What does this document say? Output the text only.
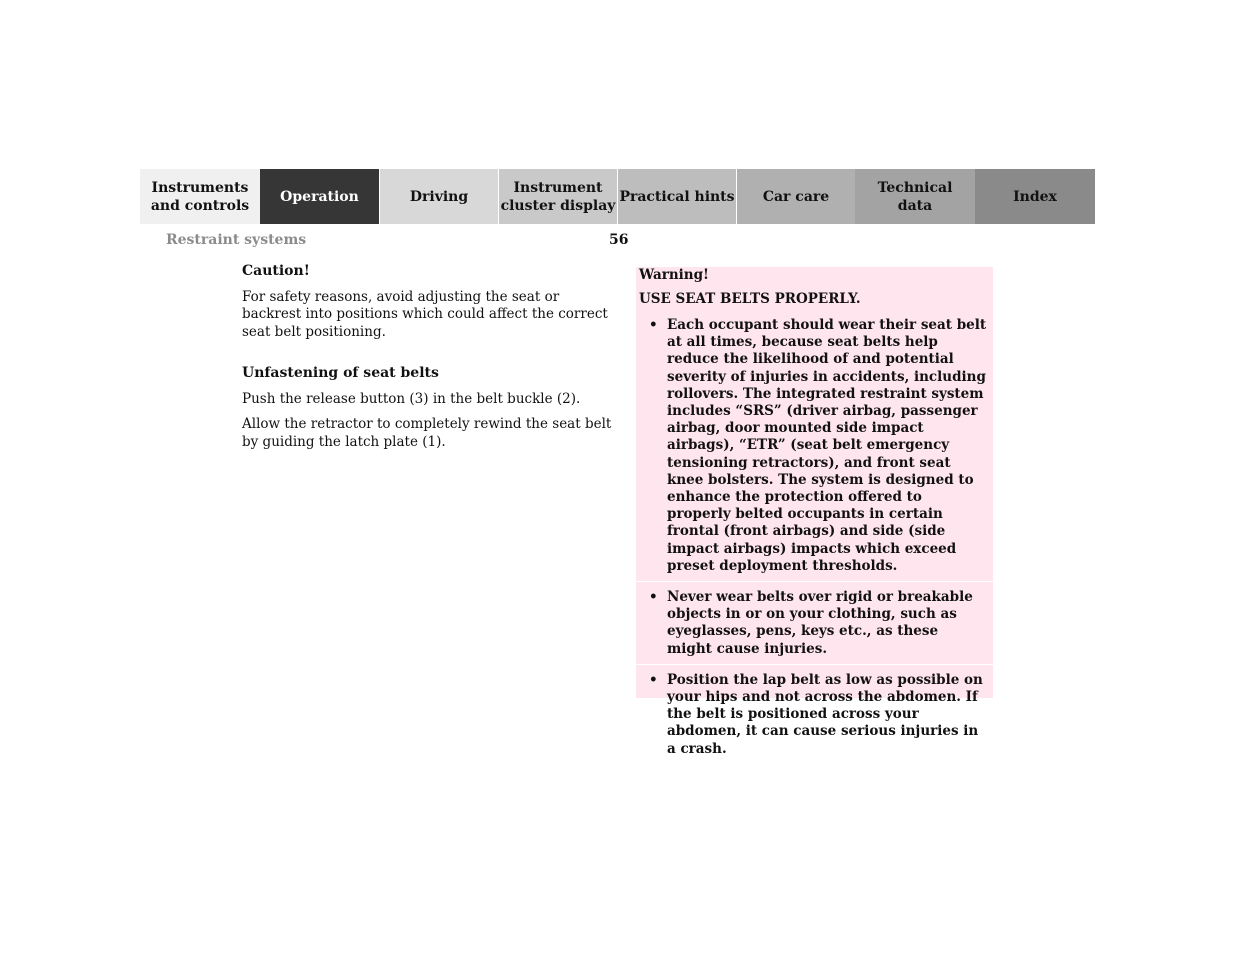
Instruments
and controls
Operation	Driving
Instrument
cluster display
Practical hints	Car care
Technical
data
Index
Restraint systems	56
Caution!

For safety reasons, avoid adjusting the seat or backrest into positions which could affect the correct seat belt positioning.

Unfastening of seat belts

Push the release button (3) in the belt buckle (2).

Allow the retractor to completely rewind the seat belt by guiding the latch plate (1).

Warning!
USE SEAT BELTS PROPERLY.
• Each occupant should wear their seat belt at all times, because seat belts help reduce the likelihood of and potential severity of injuries in accidents, including rollovers. The integrated restraint system includes “SRS” (driver airbag, passenger airbag, door mounted side impact airbags), “ETR” (seat belt emergency tensioning retractors), and front seat knee bolsters. The system is designed to enhance the protection offered to properly belted occupants in certain frontal (front airbags) and side (side impact airbags) impacts which exceed preset deployment thresholds.
• Never wear belts over rigid or breakable objects in or on your clothing, such as eyeglasses, pens, keys etc., as these might cause injuries.
• Position the lap belt as low as possible on your hips and not across the abdomen. If the belt is positioned across your abdomen, it can cause serious injuries in a crash.
